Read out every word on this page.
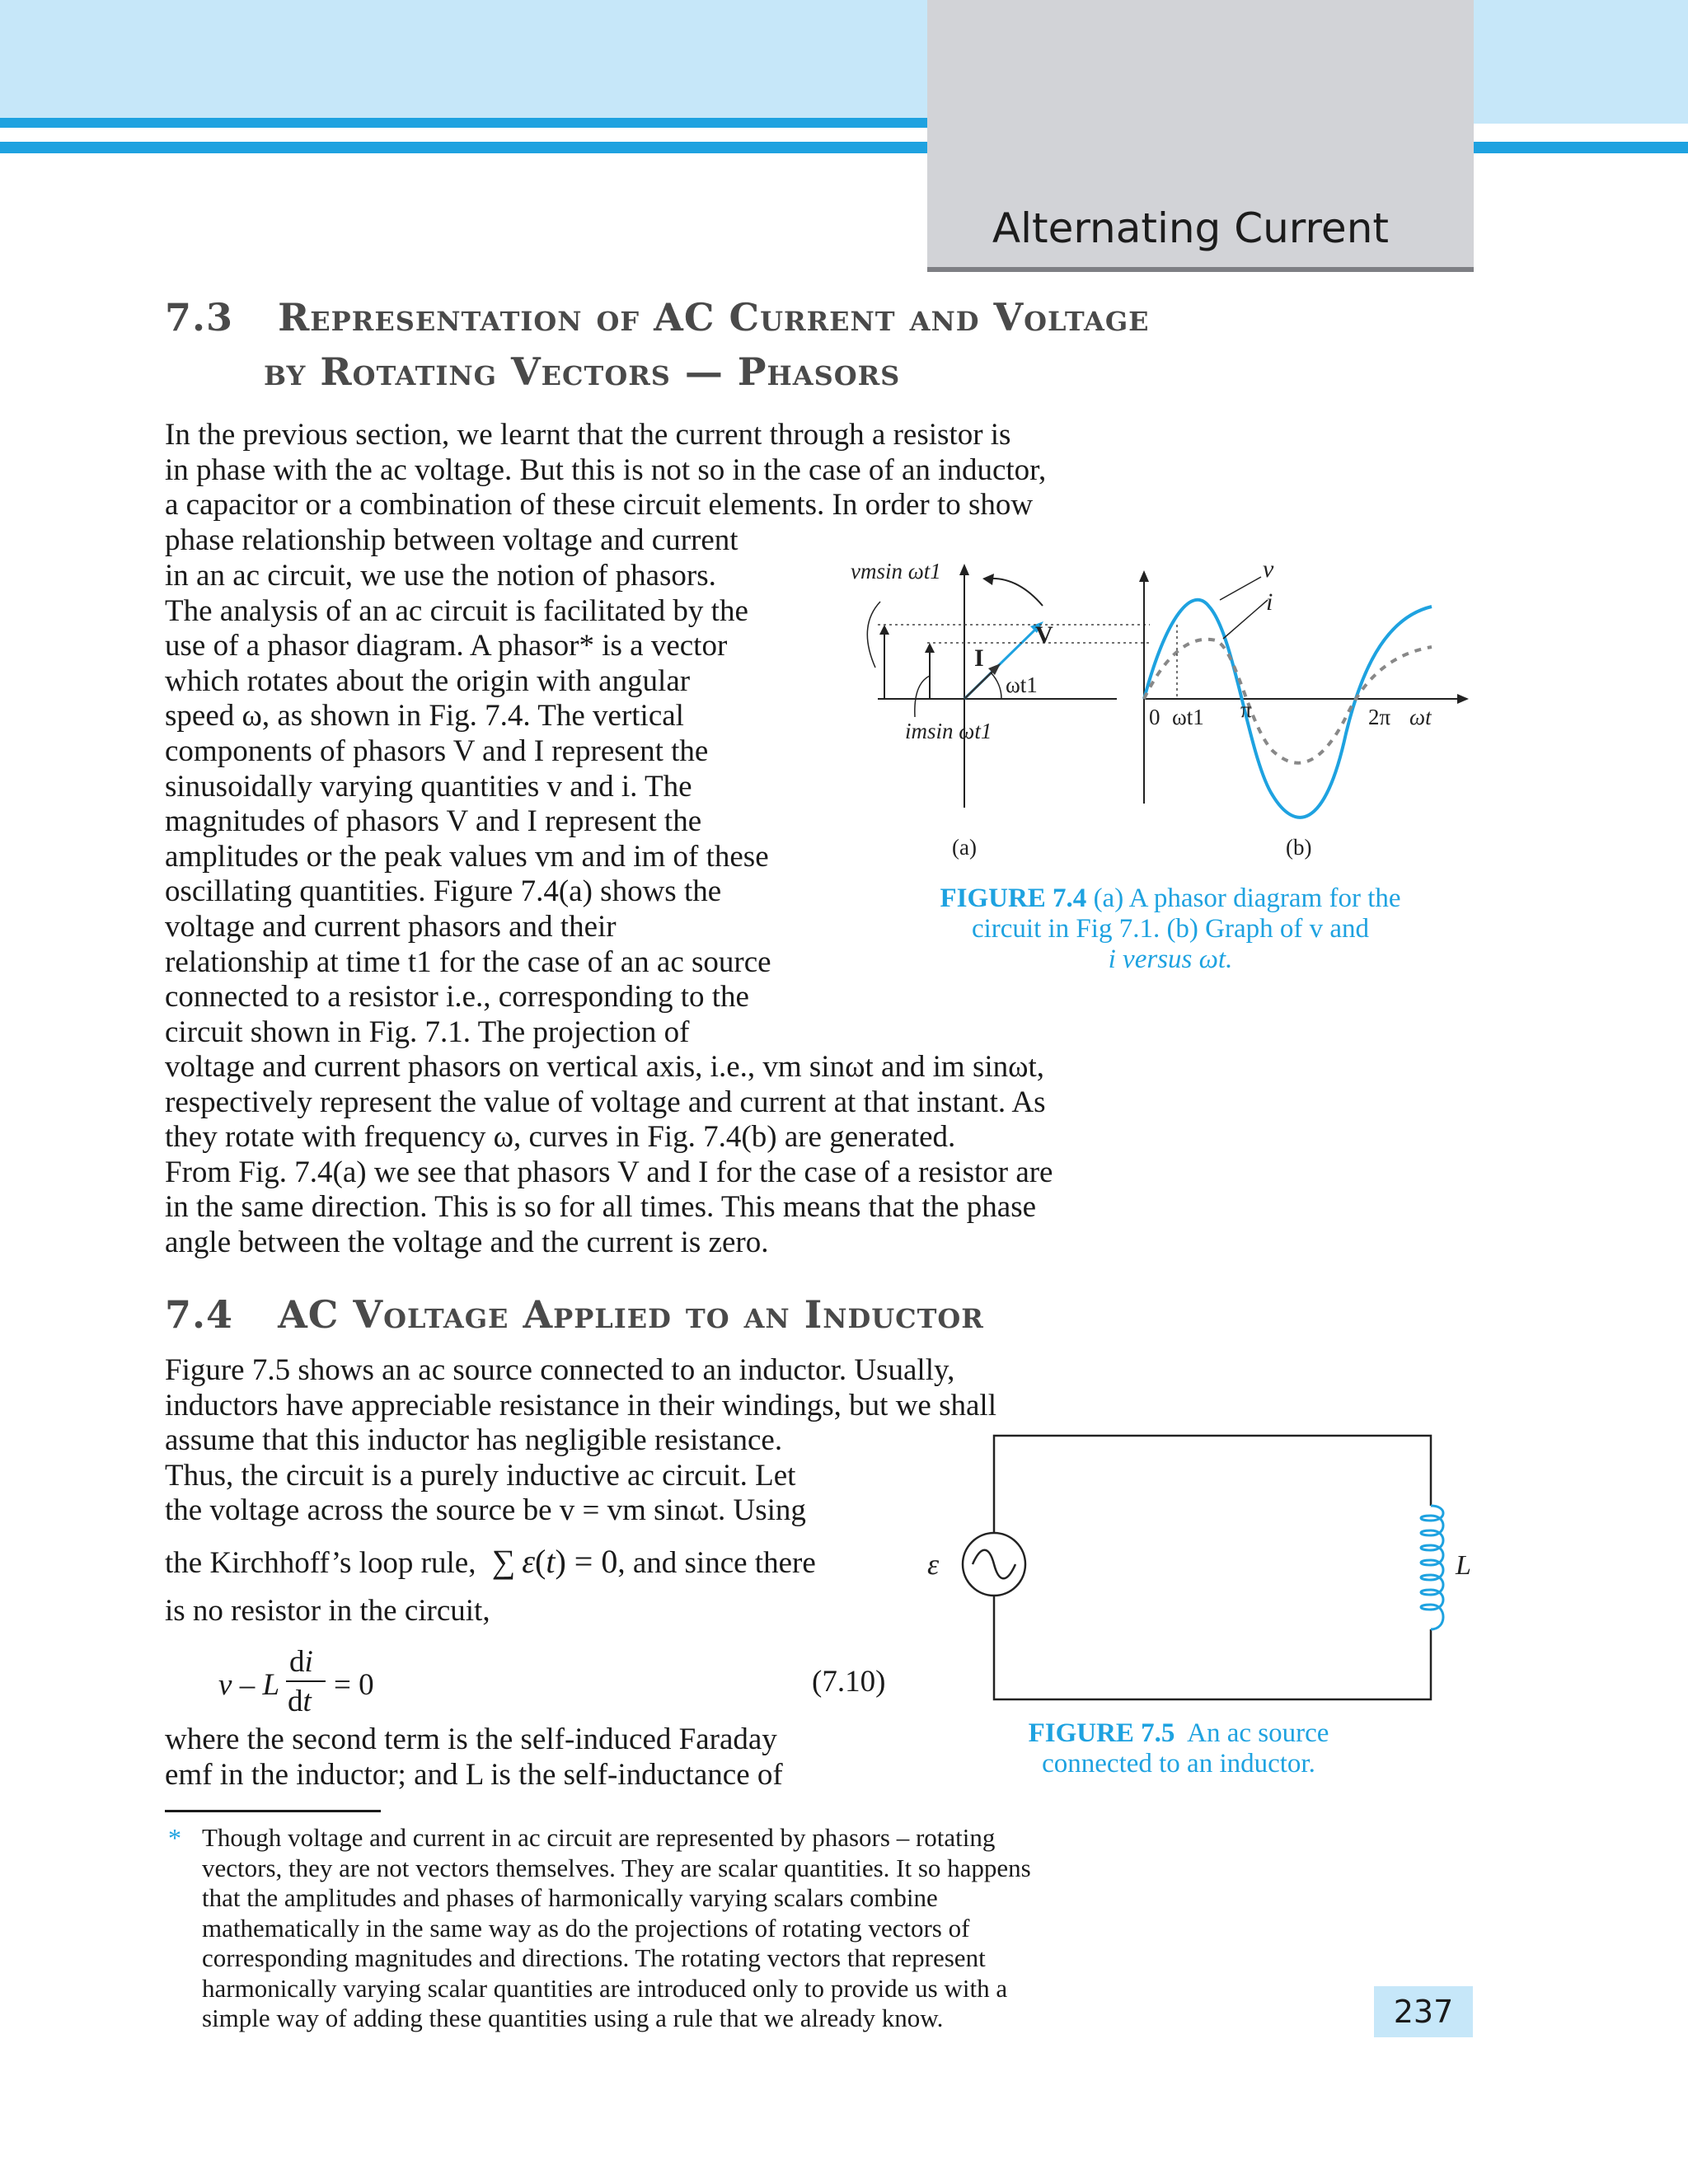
Alternating Current
7.3 Representation of AC Current and Voltage
by Rotating Vectors — Phasors
In the previous section, we learnt that the current through a resistor is
in phase with the ac voltage. But this is not so in the case of an inductor,
a capacitor or a combination of these circuit elements. In order to show
phase relationship between voltage and current
in an ac circuit, we use the notion of phasors.
The analysis of an ac circuit is facilitated by the
use of a phasor diagram. A phasor* is a vector
which rotates about the origin with angular
speed ω, as shown in Fig. 7.4. The vertical
components of phasors V and I represent the
sinusoidally varying quantities v and i. The
magnitudes of phasors V and I represent the
amplitudes or the peak values vm and im of these
oscillating quantities. Figure 7.4(a) shows the
voltage and current phasors and their
relationship at time t1 for the case of an ac source
connected to a resistor i.e., corresponding to the
circuit shown in Fig. 7.1. The projection of
voltage and current phasors on vertical axis, i.e., vm sinωt and im sinωt,
respectively represent the value of voltage and current at that instant. As
they rotate with frequency ω, curves in Fig. 7.4(b) are generated.
From Fig. 7.4(a) we see that phasors V and I for the case of a resistor are
in the same direction. This is so for all times. This means that the phase
angle between the voltage and the current is zero.
vmsin ωt1
imsin ωt1
V
I
ωt1
(a)
v
i
0 ωt1 π	2π ωt
(b)
FIGURE 7.4 (a) A phasor diagram for the
circuit in Fig 7.1. (b) Graph of v and
i versus ωt.
7.4 AC Voltage Applied to an Inductor
Figure 7.5 shows an ac source connected to an inductor. Usually,
inductors have appreciable resistance in their windings, but we shall
assume that this inductor has negligible resistance.
Thus, the circuit is a purely inductive ac circuit. Let
the voltage across the source be v = vm sinωt. Using
the Kirchhoff’s loop rule,  ∑ ε(t) = 0, and since there
is no resistor in the circuit,
v – L
di
dt = 0	(7.10)
where the second term is the self-induced Faraday
emf in the inductor; and L is the self-inductance of
ε	L
FIGURE 7.5 An ac source
connected to an inductor.
* Though voltage and current in ac circuit are represented by phasors – rotating
vectors, they are not vectors themselves. They are scalar quantities. It so happens
that the amplitudes and phases of harmonically varying scalars combine
mathematically in the same way as do the projections of rotating vectors of
corresponding magnitudes and directions. The rotating vectors that represent
harmonically varying scalar quantities are introduced only to provide us with a
simple way of adding these quantities using a rule that we already know.	237
